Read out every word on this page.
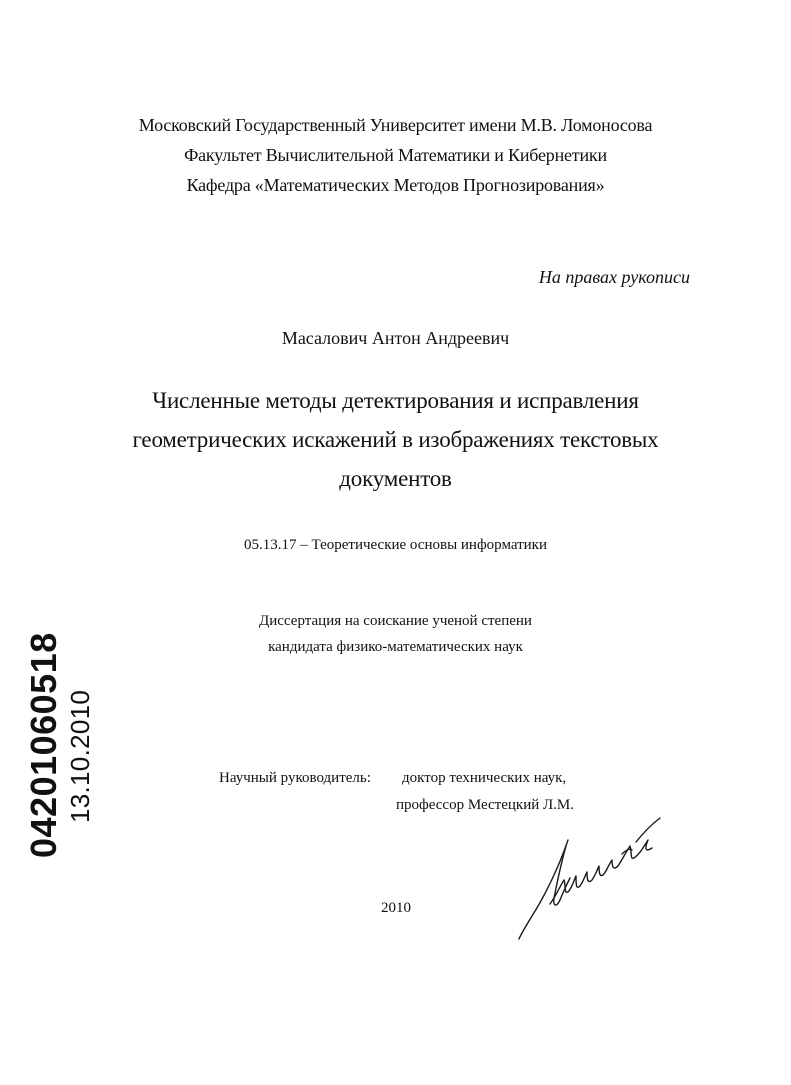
Московский Государственный Университет имени М.В. Ломоносова
Факультет Вычислительной Математики и Кибернетики
Кафедра «Математических Методов Прогнозирования»
На правах рукописи
Масалович Антон Андреевич
Численные методы детектирования и исправления
геометрических искажений в изображениях текстовых
документов
05.13.17 – Теоретические основы информатики
Диссертация на соискание ученой степени
кандидата физико-математических наук
Научный руководитель: доктор технических наук,
профессор Местецкий Л.М.
2010
04201060518 13.10.2010
